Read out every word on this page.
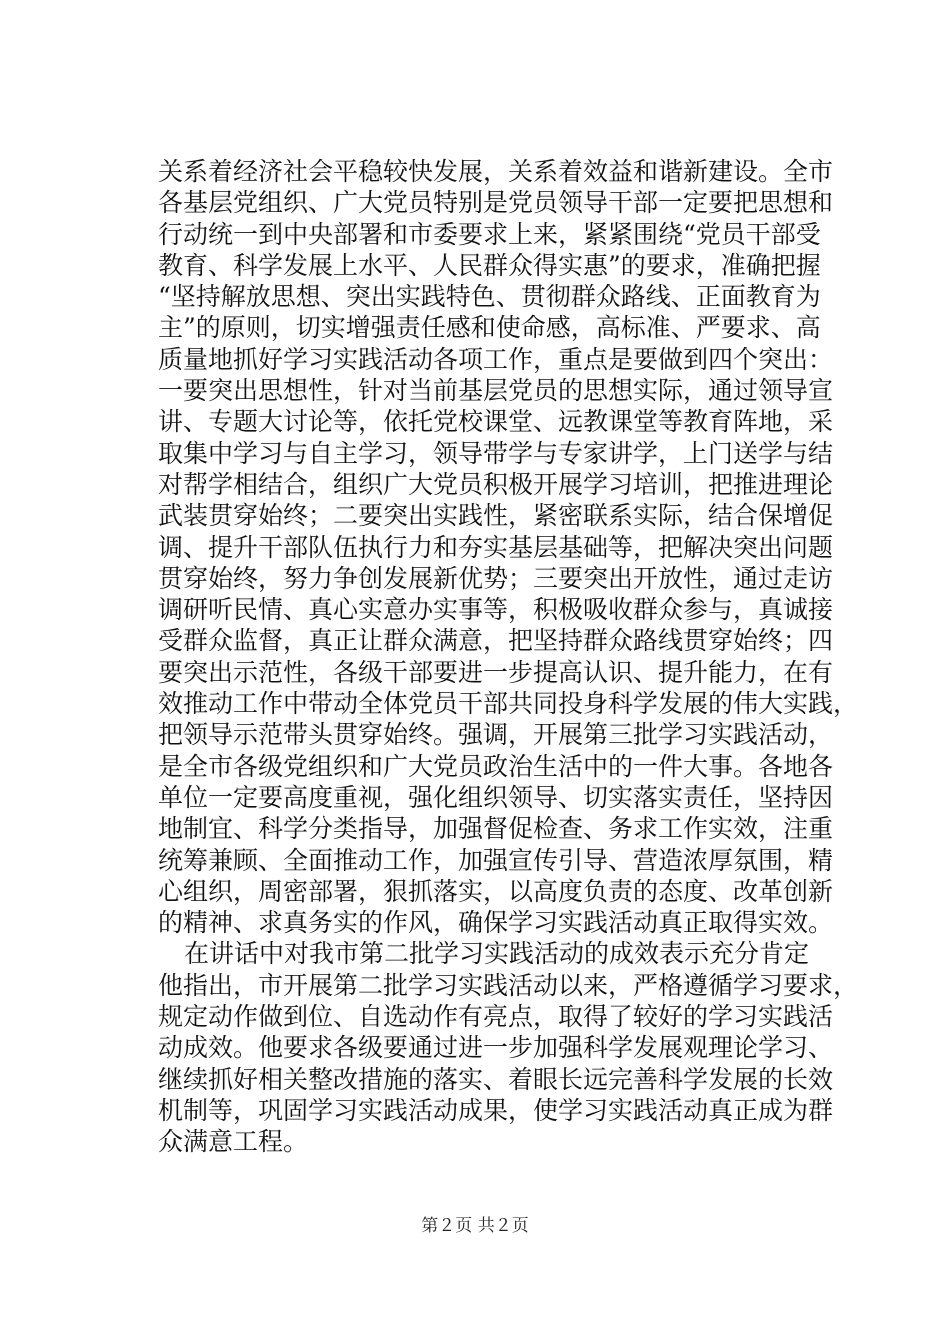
关系着经济社会平稳较快发展，关系着效益和谐新建设。全市
各基层党组织、广大党员特别是党员领导干部一定要把思想和
行动统一到中央部署和市委要求上来，紧紧围绕“党员干部受
教育、科学发展上水平、人民群众得实惠”的要求，准确把握
“坚持解放思想、突出实践特色、贯彻群众路线、正面教育为
主”的原则，切实增强责任感和使命感，高标准、严要求、高
质量地抓好学习实践活动各项工作，重点是要做到四个突出：
一要突出思想性，针对当前基层党员的思想实际，通过领导宣
讲、专题大讨论等，依托党校课堂、远教课堂等教育阵地，采
取集中学习与自主学习，领导带学与专家讲学，上门送学与结
对帮学相结合，组织广大党员积极开展学习培训，把推进理论
武装贯穿始终；二要突出实践性，紧密联系实际，结合保增促
调、提升干部队伍执行力和夯实基层基础等，把解决突出问题
贯穿始终，努力争创发展新优势；三要突出开放性，通过走访
调研听民情、真心实意办实事等，积极吸收群众参与，真诚接
受群众监督，真正让群众满意，把坚持群众路线贯穿始终；四
要突出示范性，各级干部要进一步提高认识、提升能力，在有
效推动工作中带动全体党员干部共同投身科学发展的伟大实践，
把领导示范带头贯穿始终。强调，开展第三批学习实践活动，
是全市各级党组织和广大党员政治生活中的一件大事。各地各
单位一定要高度重视，强化组织领导、切实落实责任，坚持因
地制宜、科学分类指导，加强督促检查、务求工作实效，注重
统筹兼顾、全面推动工作，加强宣传引导、营造浓厚氛围，精
心组织，周密部署，狠抓落实，以高度负责的态度、改革创新
的精神、求真务实的作风，确保学习实践活动真正取得实效。
在讲话中对我市第二批学习实践活动的成效表示充分肯定
他指出，市开展第二批学习实践活动以来，严格遵循学习要求，
规定动作做到位、自选动作有亮点，取得了较好的学习实践活
动成效。他要求各级要通过进一步加强科学发展观理论学习、
继续抓好相关整改措施的落实、着眼长远完善科学发展的长效
机制等，巩固学习实践活动成果，使学习实践活动真正成为群
众满意工程。
第２页 共２页
